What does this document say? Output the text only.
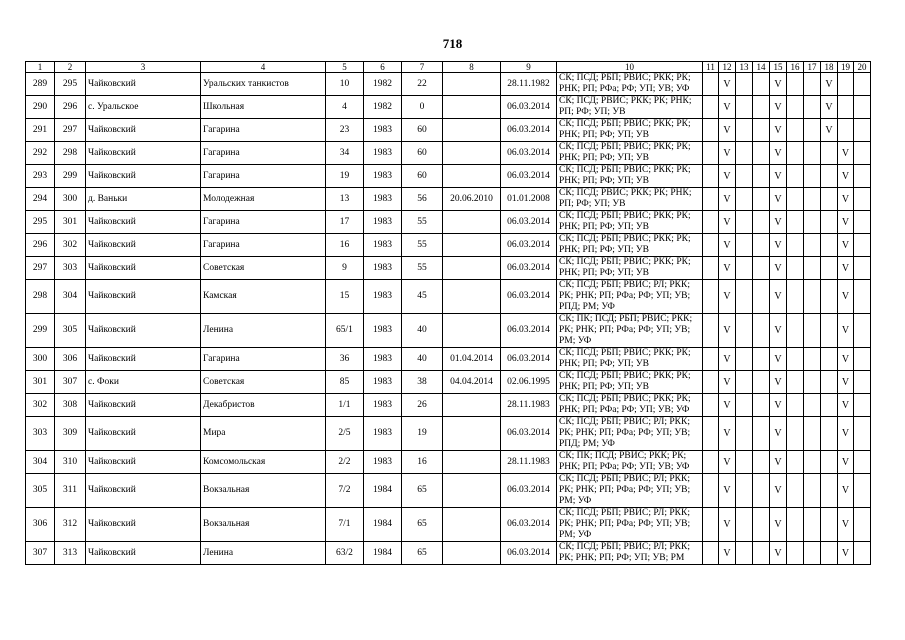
718
1	2	3	4	5	6	7	8	9	10	11	12	13	14	15	16	17	18	19	20
289	295	Чайковский	Уральских танкистов	10	1982	22		28.11.1982	СК; ПСД; РБП; РВИС; РКК; РК; РНК; РП; РФа; РФ; УП; УВ; УФ		V			V			V		
290	296	с. Уральское	Школьная	4	1982	0		06.03.2014	СК; ПСД; РВИС; РКК; РК; РНК; РП; РФ; УП; УВ		V			V			V		
291	297	Чайковский	Гагарина	23	1983	60		06.03.2014	СК; ПСД; РБП; РВИС; РКК; РК; РНК; РП; РФ; УП; УВ		V			V			V		
292	298	Чайковский	Гагарина	34	1983	60		06.03.2014	СК; ПСД; РБП; РВИС; РКК; РК; РНК; РП; РФ; УП; УВ		V			V				V	
293	299	Чайковский	Гагарина	19	1983	60		06.03.2014	СК; ПСД; РБП; РВИС; РКК; РК; РНК; РП; РФ; УП; УВ		V			V				V	
294	300	д. Ваньки	Молодежная	13	1983	56	20.06.2010	01.01.2008	СК; ПСД; РВИС; РКК; РК; РНК; РП; РФ; УП; УВ		V			V				V	
295	301	Чайковский	Гагарина	17	1983	55		06.03.2014	СК; ПСД; РБП; РВИС; РКК; РК; РНК; РП; РФ; УП; УВ		V			V				V	
296	302	Чайковский	Гагарина	16	1983	55		06.03.2014	СК; ПСД; РБП; РВИС; РКК; РК; РНК; РП; РФ; УП; УВ		V			V				V	
297	303	Чайковский	Советская	9	1983	55		06.03.2014	СК; ПСД; РБП; РВИС; РКК; РК; РНК; РП; РФ; УП; УВ		V			V				V	
298	304	Чайковский	Камская	15	1983	45		06.03.2014	СК; ПСД; РБП; РВИС; РЛ; РКК; РК; РНК; РП; РФа; РФ; УП; УВ; РПД; РМ; УФ		V			V				V	
299	305	Чайковский	Ленина	65/1	1983	40		06.03.2014	СК; ПК; ПСД; РБП; РВИС; РКК; РК; РНК; РП; РФа; РФ; УП; УВ; РМ; УФ		V			V				V	
300	306	Чайковский	Гагарина	36	1983	40	01.04.2014	06.03.2014	СК; ПСД; РБП; РВИС; РКК; РК; РНК; РП; РФ; УП; УВ		V			V				V	
301	307	с. Фоки	Советская	85	1983	38	04.04.2014	02.06.1995	СК; ПСД; РБП; РВИС; РКК; РК; РНК; РП; РФ; УП; УВ		V			V				V	
302	308	Чайковский	Декабристов	1/1	1983	26		28.11.1983	СК; ПСД; РБП; РВИС; РКК; РК; РНК; РП; РФа; РФ; УП; УВ; УФ		V			V				V	
303	309	Чайковский	Мира	2/5	1983	19		06.03.2014	СК; ПСД; РБП; РВИС; РЛ; РКК; РК; РНК; РП; РФа; РФ; УП; УВ; РПД; РМ; УФ		V			V				V	
304	310	Чайковский	Комсомольская	2/2	1983	16		28.11.1983	СК; ПК; ПСД; РВИС; РКК; РК; РНК; РП; РФа; РФ; УП; УВ; УФ		V			V				V	
305	311	Чайковский	Вокзальная	7/2	1984	65		06.03.2014	СК; ПСД; РБП; РВИС; РЛ; РКК; РК; РНК; РП; РФа; РФ; УП; УВ; РМ; УФ		V			V				V	
306	312	Чайковский	Вокзальная	7/1	1984	65		06.03.2014	СК; ПСД; РБП; РВИС; РЛ; РКК; РК; РНК; РП; РФа; РФ; УП; УВ; РМ; УФ		V			V				V	
307	313	Чайковский	Ленина	63/2	1984	65		06.03.2014	СК; ПСД; РБП; РВИС; РЛ; РКК; РК; РНК; РП; РФ; УП; УВ; РМ		V			V				V	
